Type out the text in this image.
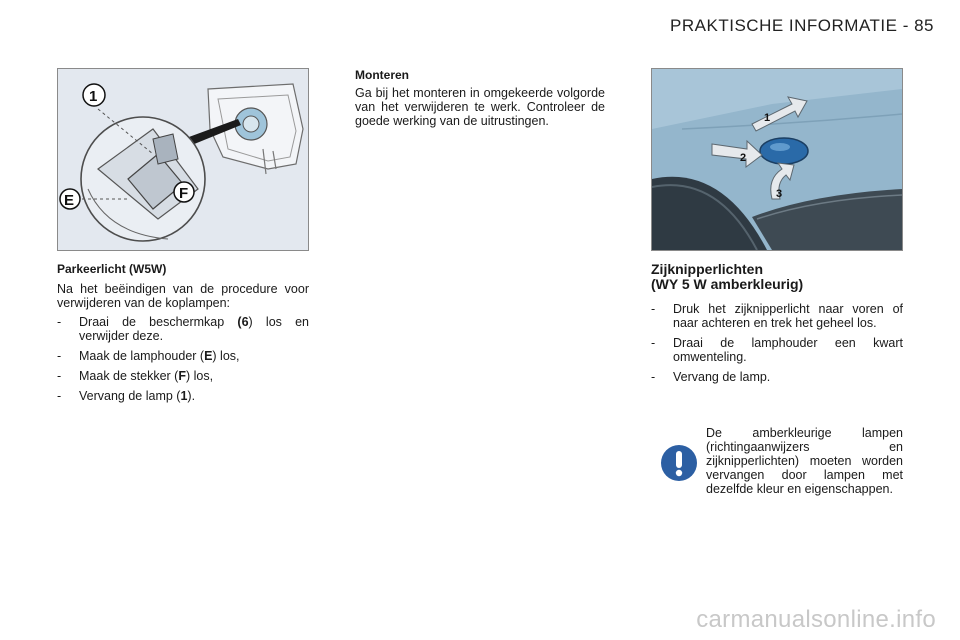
PRAKTISCHE INFORMATIE - 85
1
E	F

Parkeerlicht (W5W)

Na het beëindigen van de procedure voor verwijderen van de koplampen:

- Draai de beschermkap (6) los en verwijder deze.
- Maak de lamphouder (E) los,
- Maak de stekker (F) los,
- Vervang de lamp (1).

Monteren

Ga bij het monteren in omgekeerde volgorde van het verwijderen te werk. Controleer de goede werking van de uitrustingen.	1
2
3

Zijknipperlichten
(WY 5 W amberkleurig)

- Druk het zijknipperlicht naar voren of naar achteren en trek het geheel los.
- Draai de lamphouder een kwart omwenteling.
- Vervang de lamp.
De amberkleurige lampen (richtingaanwijzers en zijknipperlichten) moeten worden vervangen door lampen met dezelfde kleur en eigenschappen.
carmanualsonline.info
